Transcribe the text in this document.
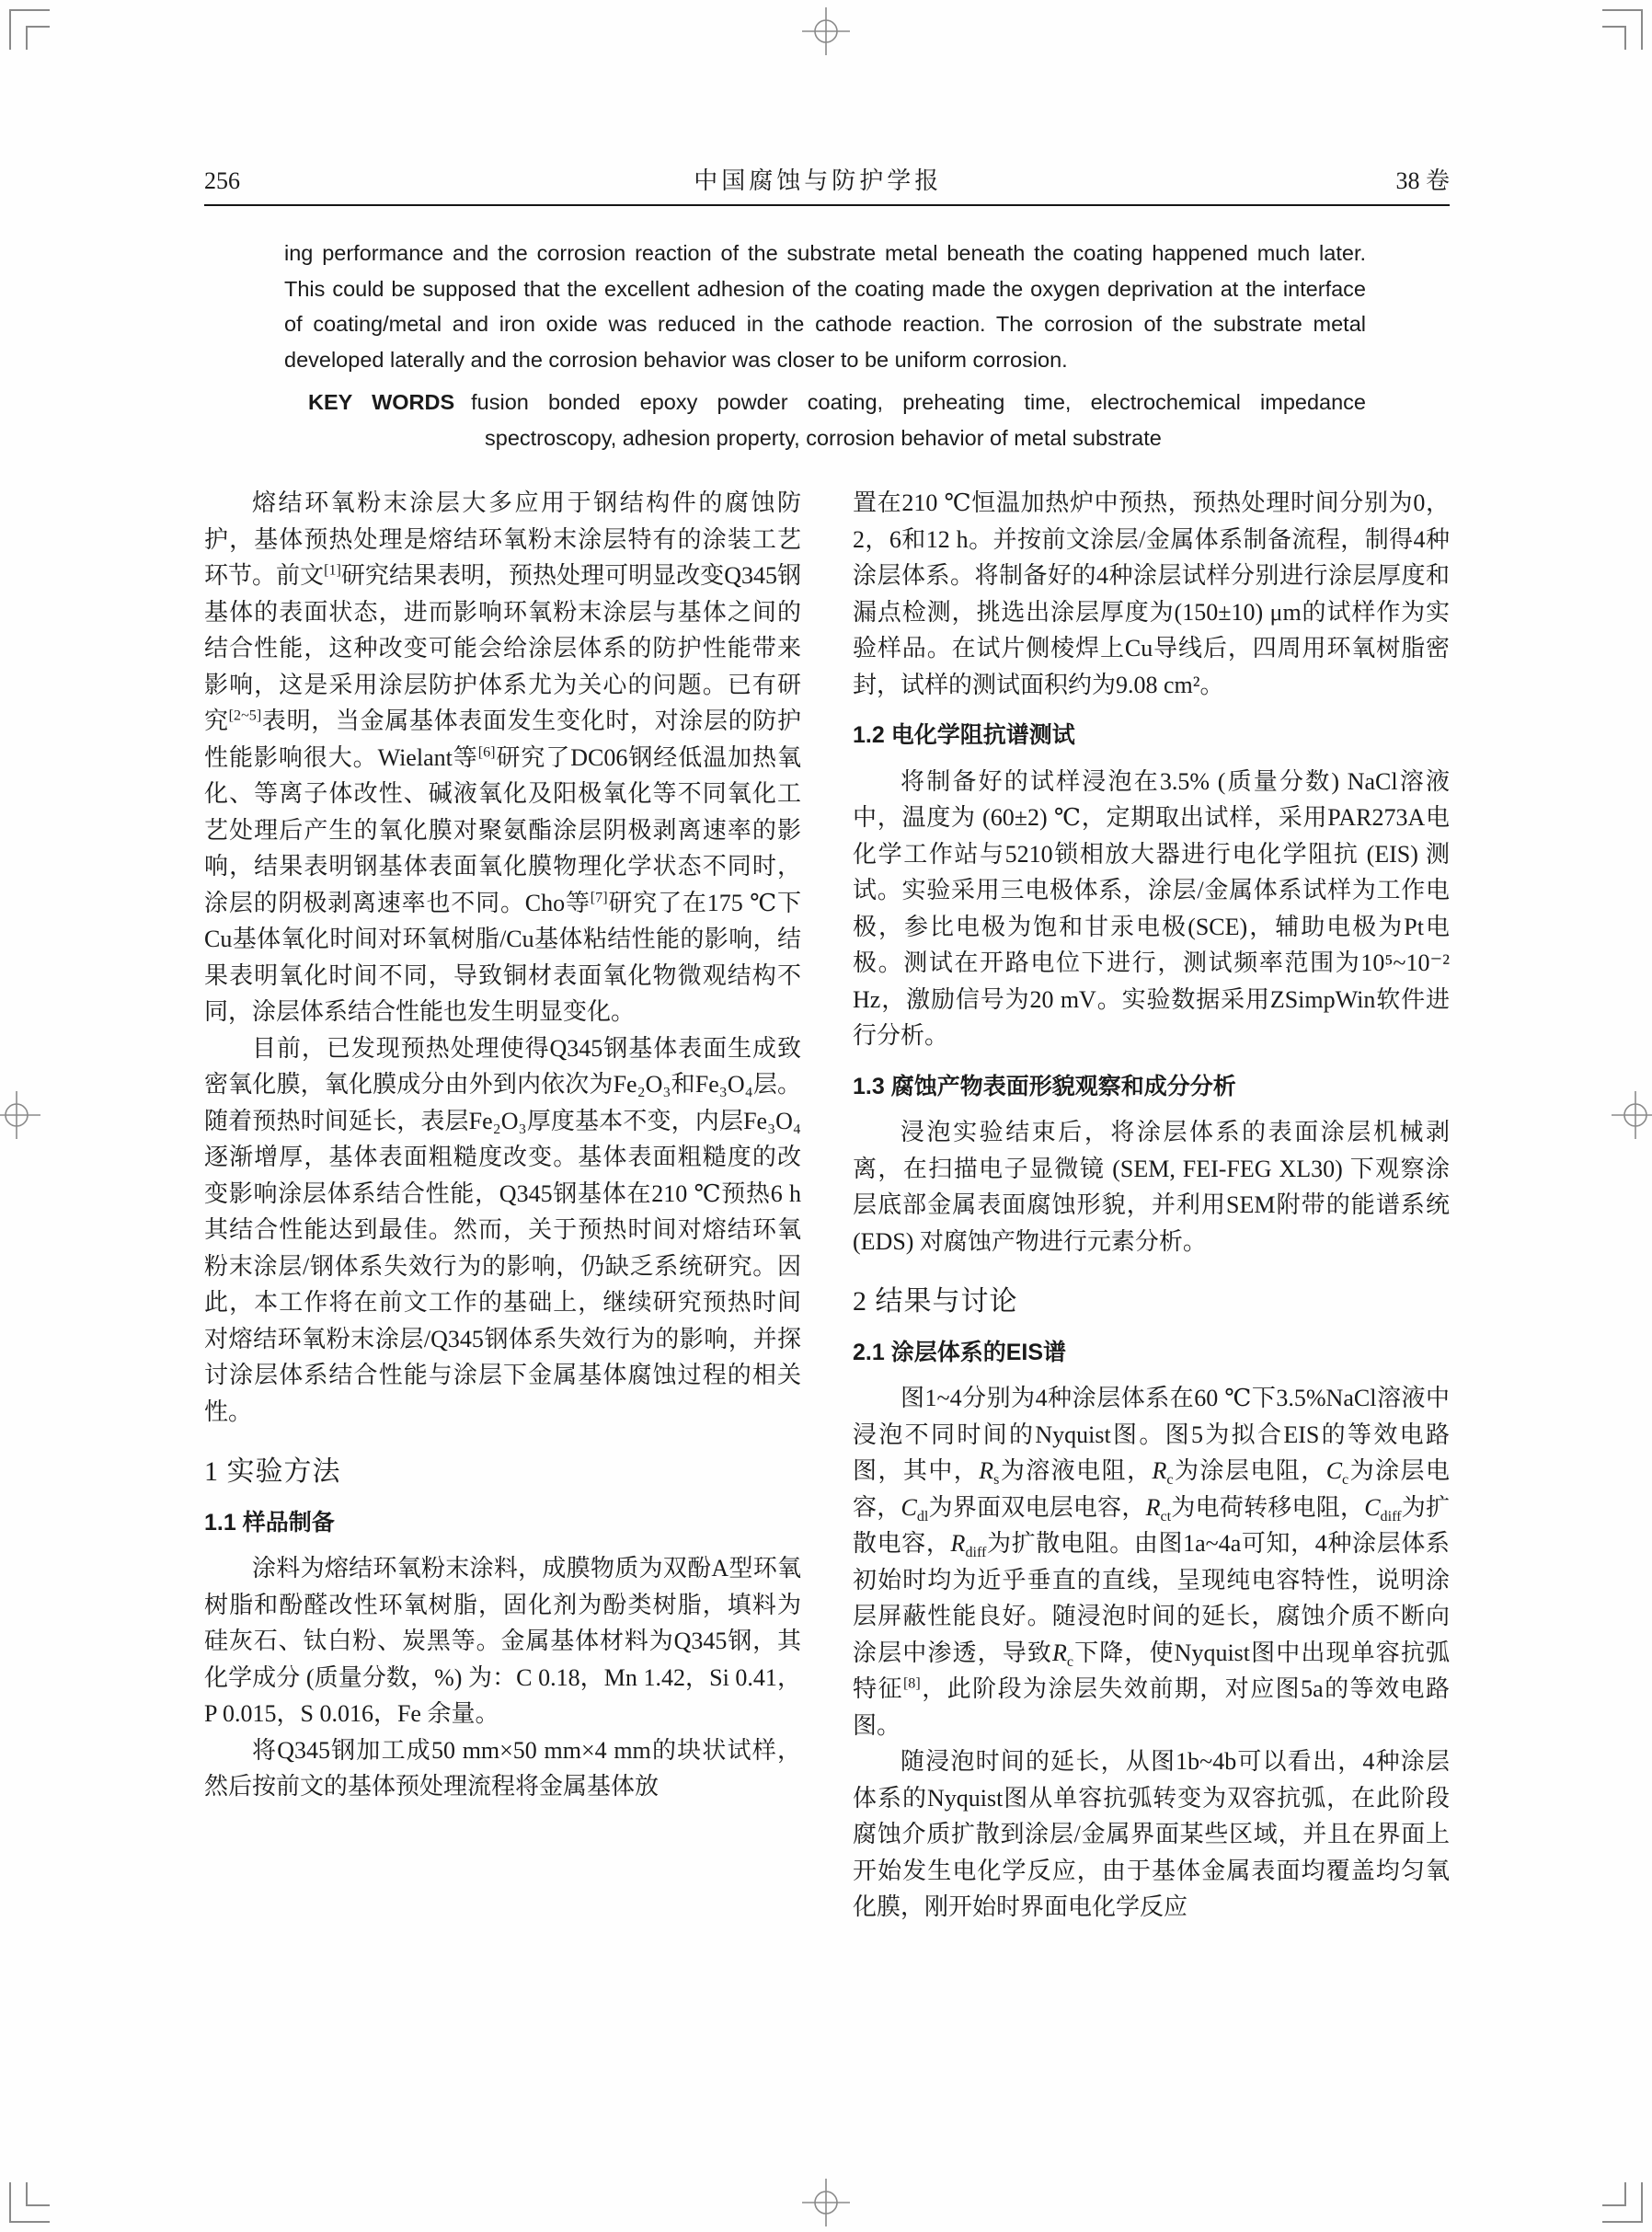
256	中国腐蚀与防护学报	38 卷

ing performance and the corrosion reaction of the substrate metal beneath the coating happened much later. This could be supposed that the excellent adhesion of the coating made the oxygen deprivation at the interface of coating/metal and iron oxide was reduced in the cathode reaction. The corrosion of the substrate metal developed laterally and the corrosion behavior was closer to be uniform corrosion.

KEY WORDS fusion bonded epoxy powder coating, preheating time, electrochemical impedance spectroscopy, adhesion property, corrosion behavior of metal substrate

熔结环氧粉末涂层大多应用于钢结构件的腐蚀防护，基体预热处理是熔结环氧粉末涂层特有的涂装工艺环节。前文[1]研究结果表明，预热处理可明显改变Q345钢基体的表面状态，进而影响环氧粉末涂层与基体之间的结合性能，这种改变可能会给涂层体系的防护性能带来影响，这是采用涂层防护体系尤为关心的问题。已有研究[2~5]表明，当金属基体表面发生变化时，对涂层的防护性能影响很大。Wielant等[6]研究了DC06钢经低温加热氧化、等离子体改性、碱液氧化及阳极氧化等不同氧化工艺处理后产生的氧化膜对聚氨酯涂层阴极剥离速率的影响，结果表明钢基体表面氧化膜物理化学状态不同时，涂层的阴极剥离速率也不同。Cho等[7]研究了在175 ℃下Cu基体氧化时间对环氧树脂/Cu基体粘结性能的影响，结果表明氧化时间不同，导致铜材表面氧化物微观结构不同，涂层体系结合性能也发生明显变化。

目前，已发现预热处理使得Q345钢基体表面生成致密氧化膜，氧化膜成分由外到内依次为Fe₂O₃和Fe₃O₄层。随着预热时间延长，表层Fe₂O₃厚度基本不变，内层Fe₃O₄逐渐增厚，基体表面粗糙度改变。基体表面粗糙度的改变影响涂层体系结合性能，Q345钢基体在210 ℃预热6 h其结合性能达到最佳。然而，关于预热时间对熔结环氧粉末涂层/钢体系失效行为的影响，仍缺乏系统研究。因此，本工作将在前文工作的基础上，继续研究预热时间对熔结环氧粉末涂层/Q345钢体系失效行为的影响，并探讨涂层体系结合性能与涂层下金属基体腐蚀过程的相关性。

1 实验方法
1.1 样品制备

涂料为熔结环氧粉末涂料，成膜物质为双酚A型环氧树脂和酚醛改性环氧树脂，固化剂为酚类树脂，填料为硅灰石、钛白粉、炭黑等。金属基体材料为Q345钢，其化学成分 (质量分数，%) 为：C 0.18，Mn 1.42，Si 0.41，P 0.015，S 0.016，Fe 余量。

将Q345钢加工成50 mm×50 mm×4 mm的块状试样，然后按前文的基体预处理流程将金属基体放

置在210 ℃恒温加热炉中预热，预热处理时间分别为0，2，6和12 h。并按前文涂层/金属体系制备流程，制得4种涂层体系。将制备好的4种涂层试样分别进行涂层厚度和漏点检测，挑选出涂层厚度为(150±10) μm的试样作为实验样品。在试片侧棱焊上Cu导线后，四周用环氧树脂密封，试样的测试面积约为9.08 cm²。

1.2 电化学阻抗谱测试

将制备好的试样浸泡在3.5% (质量分数) NaCl溶液中，温度为 (60±2) ℃，定期取出试样，采用PAR273A电化学工作站与5210锁相放大器进行电化学阻抗 (EIS) 测试。实验采用三电极体系，涂层/金属体系试样为工作电极，参比电极为饱和甘汞电极(SCE)，辅助电极为Pt电极。测试在开路电位下进行，测试频率范围为10⁵~10⁻² Hz，激励信号为20 mV。实验数据采用ZSimpWin软件进行分析。

1.3 腐蚀产物表面形貌观察和成分分析

浸泡实验结束后，将涂层体系的表面涂层机械剥离，在扫描电子显微镜 (SEM, FEI-FEG XL30) 下观察涂层底部金属表面腐蚀形貌，并利用SEM附带的能谱系统 (EDS) 对腐蚀产物进行元素分析。

2 结果与讨论
2.1 涂层体系的EIS谱

图1~4分别为4种涂层体系在60 ℃下3.5%NaCl溶液中浸泡不同时间的Nyquist图。图5为拟合EIS的等效电路图，其中，$R_s$为溶液电阻，$R_c$为涂层电阻，$C_c$为涂层电容，$C_{dl}$为界面双电层电容，$R_{ct}$为电荷转移电阻，$C_{diff}$为扩散电容，$R_{diff}$为扩散电阻。由图1a~4a可知，4种涂层体系初始时均为近乎垂直的直线，呈现纯电容特性，说明涂层屏蔽性能良好。随浸泡时间的延长，腐蚀介质不断向涂层中渗透，导致$R_c$下降，使Nyquist图中出现单容抗弧特征[8]，此阶段为涂层失效前期，对应图5a的等效电路图。

随浸泡时间的延长，从图1b~4b可以看出，4种涂层体系的Nyquist图从单容抗弧转变为双容抗弧，在此阶段腐蚀介质扩散到涂层/金属界面某些区域，并且在界面上开始发生电化学反应，由于基体金属表面均覆盖均匀氧化膜，刚开始时界面电化学反应
